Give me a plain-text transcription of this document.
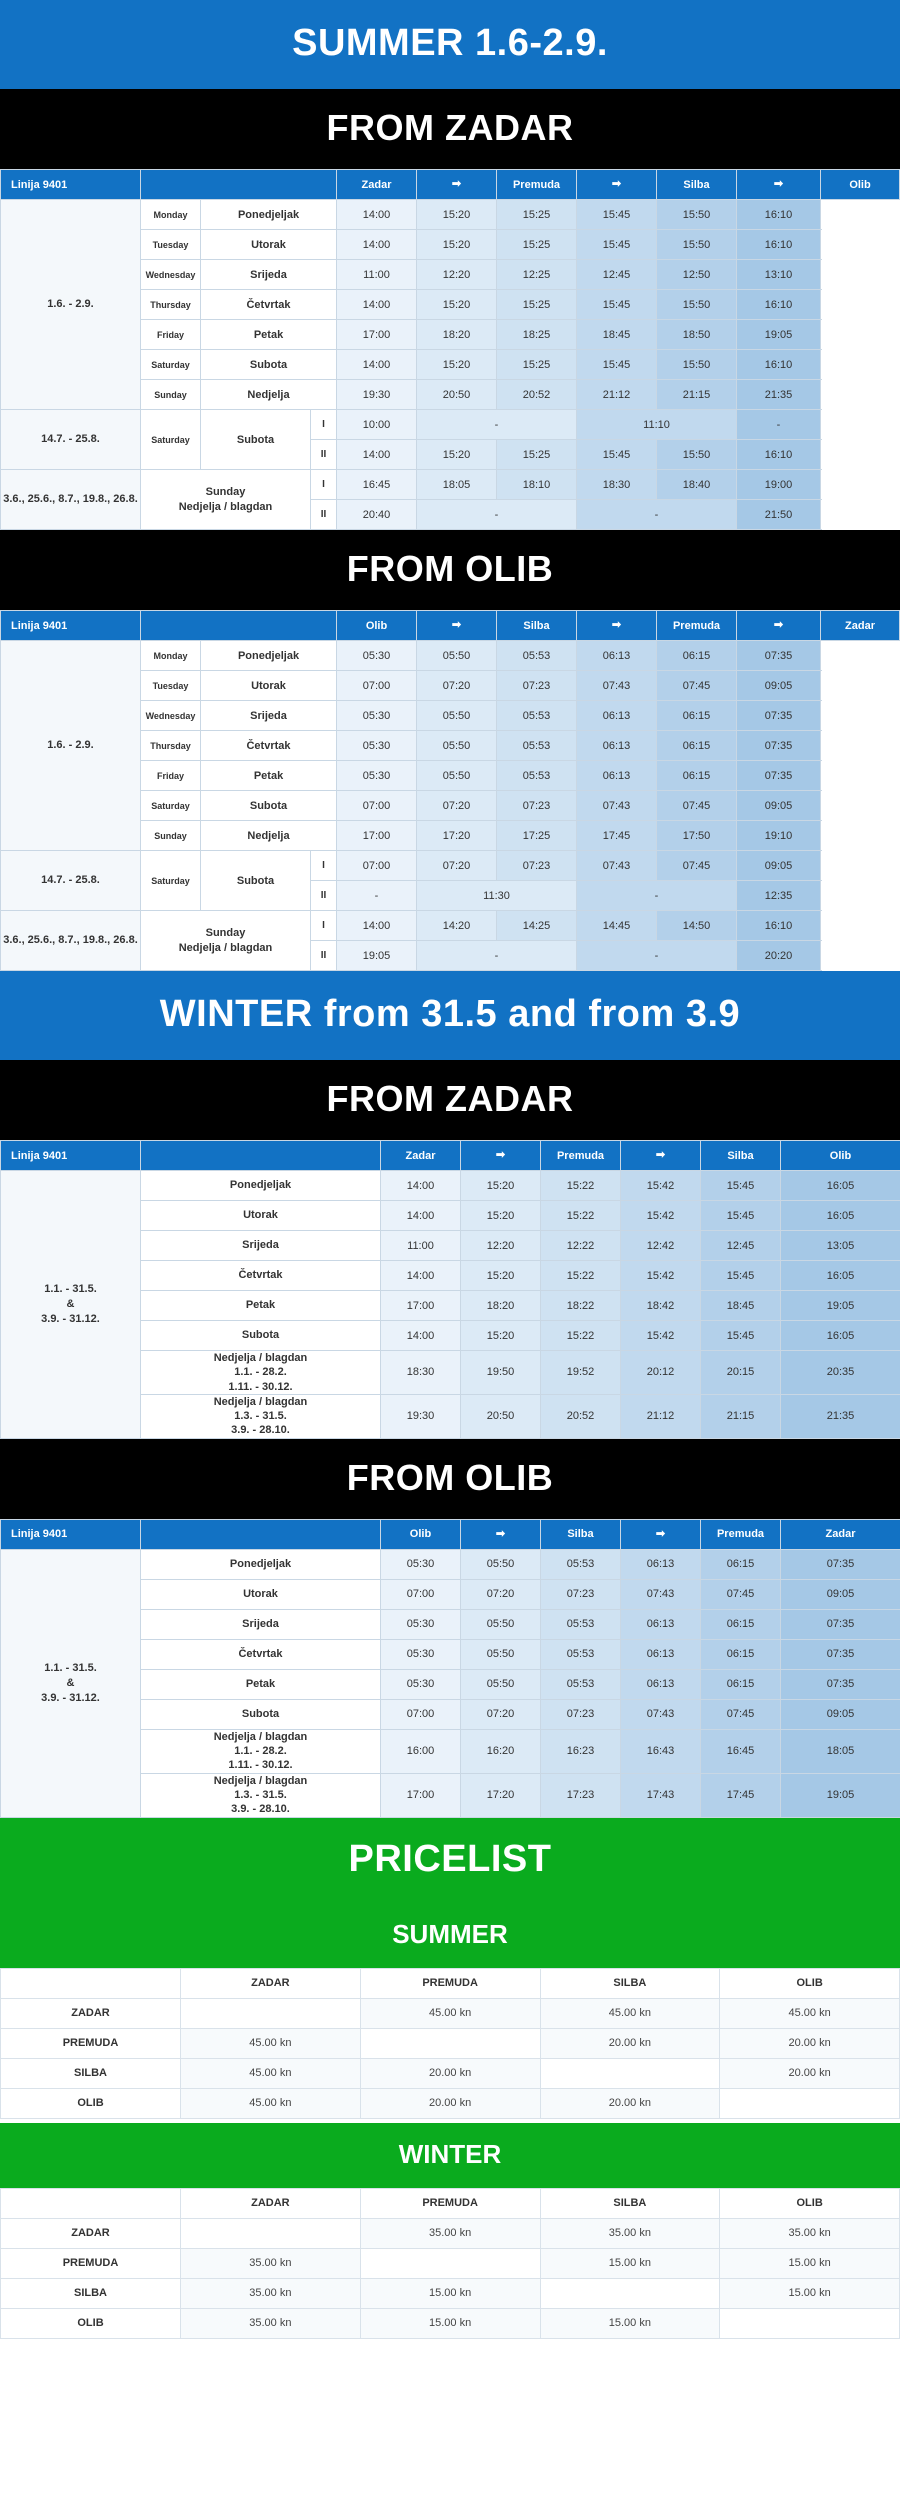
SUMMER 1.6-2.9.
FROM ZADAR
Linija 9401				Zadar	➡	Premuda	➡	Silba	➡	Olib
1.6. - 2.9.	Monday	Ponedjeljak		14:00	15:20	15:25	15:45	15:50	16:10	
	Tuesday	Utorak		14:00	15:20	15:25	15:45	15:50	16:10	
	Wednesday	Srijeda		11:00	12:20	12:25	12:45	12:50	13:10	
	Thursday	Četvrtak		14:00	15:20	15:25	15:45	15:50	16:10	
	Friday	Petak		17:00	18:20	18:25	18:45	18:50	19:05	
	Saturday	Subota		14:00	15:20	15:25	15:45	15:50	16:10	
	Sunday	Nedjelja		19:30	20:50	20:52	21:12	21:15	21:35	
14.7. - 25.8.	Saturday	Subota	I	10:00	-		11:10		-	
			II	14:00	15:20	15:25	15:45	15:50	16:10	
3.6., 25.6., 8.7., 19.8., 26.8.	Sunday
Nedjelja / blagdan		I	16:45	18:05	18:10	18:30	18:40	19:00	
			II	20:40	-		-		21:50	
FROM OLIB
Linija 9401				Olib	➡	Silba	➡	Premuda	➡	Zadar
1.6. - 2.9.	Monday	Ponedjeljak		05:30	05:50	05:53	06:13	06:15	07:35	
	Tuesday	Utorak		07:00	07:20	07:23	07:43	07:45	09:05	
	Wednesday	Srijeda		05:30	05:50	05:53	06:13	06:15	07:35	
	Thursday	Četvrtak		05:30	05:50	05:53	06:13	06:15	07:35	
	Friday	Petak		05:30	05:50	05:53	06:13	06:15	07:35	
	Saturday	Subota		07:00	07:20	07:23	07:43	07:45	09:05	
	Sunday	Nedjelja		17:00	17:20	17:25	17:45	17:50	19:10	
14.7. - 25.8.	Saturday	Subota	I	07:00	07:20	07:23	07:43	07:45	09:05	
			II	-	11:30		-		12:35	
3.6., 25.6., 8.7., 19.8., 26.8.	Sunday
Nedjelja / blagdan		I	14:00	14:20	14:25	14:45	14:50	16:10	
			II	19:05	-		-		20:20	
WINTER from 31.5 and from 3.9
FROM ZADAR
Linija 9401		Zadar	➡	Premuda	➡	Silba	Olib
1.1. - 31.5.
&
3.9. - 31.12.	Ponedjeljak	14:00	15:20	15:22	15:42	15:45	16:05
	Utorak	14:00	15:20	15:22	15:42	15:45	16:05
	Srijeda	11:00	12:20	12:22	12:42	12:45	13:05
	Četvrtak	14:00	15:20	15:22	15:42	15:45	16:05
	Petak	17:00	18:20	18:22	18:42	18:45	19:05
	Subota	14:00	15:20	15:22	15:42	15:45	16:05
	Nedjelja / blagdan
1.1. - 28.2.
1.11. - 30.12.	18:30	19:50	19:52	20:12	20:15	20:35
	Nedjelja / blagdan
1.3. - 31.5.
3.9. - 28.10.	19:30	20:50	20:52	21:12	21:15	21:35
FROM OLIB
Linija 9401		Olib	➡	Silba	➡	Premuda	Zadar
1.1. - 31.5.
&
3.9. - 31.12.	Ponedjeljak	05:30	05:50	05:53	06:13	06:15	07:35
	Utorak	07:00	07:20	07:23	07:43	07:45	09:05
	Srijeda	05:30	05:50	05:53	06:13	06:15	07:35
	Četvrtak	05:30	05:50	05:53	06:13	06:15	07:35
	Petak	05:30	05:50	05:53	06:13	06:15	07:35
	Subota	07:00	07:20	07:23	07:43	07:45	09:05
	Nedjelja / blagdan
1.1. - 28.2.
1.11. - 30.12.	16:00	16:20	16:23	16:43	16:45	18:05
	Nedjelja / blagdan
1.3. - 31.5.
3.9. - 28.10.	17:00	17:20	17:23	17:43	17:45	19:05
PRICELIST
SUMMER
	ZADAR	PREMUDA	SILBA	OLIB
ZADAR		45.00 kn	45.00 kn	45.00 kn
PREMUDA	45.00 kn		20.00 kn	20.00 kn
SILBA	45.00 kn	20.00 kn		20.00 kn
OLIB	45.00 kn	20.00 kn	20.00 kn	
WINTER
	ZADAR	PREMUDA	SILBA	OLIB
ZADAR		35.00 kn	35.00 kn	35.00 kn
PREMUDA	35.00 kn		15.00 kn	15.00 kn
SILBA	35.00 kn	15.00 kn		15.00 kn
OLIB	35.00 kn	15.00 kn	15.00 kn	
